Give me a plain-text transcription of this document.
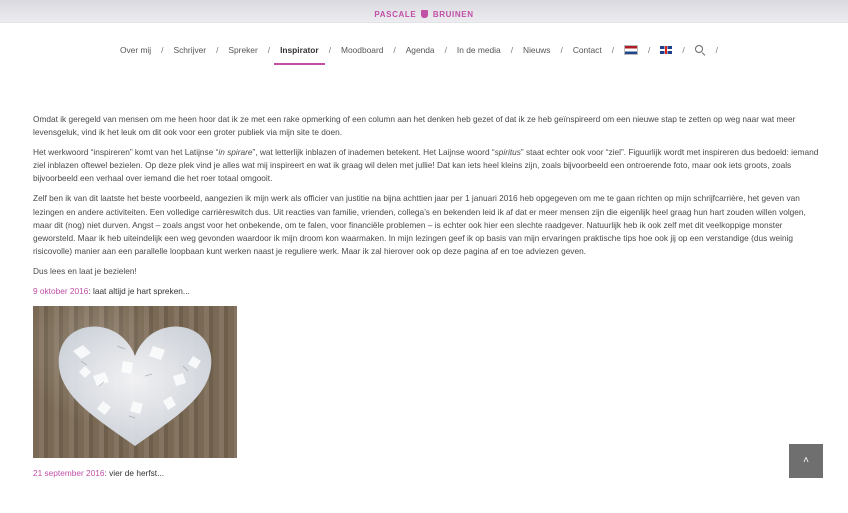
PASCALE BRUINEN
Over mij / Schrijver / Spreker / Inspirator / Moodboard / Agenda / In de media / Nieuws / Contact /	/	/	/

Omdat ik geregeld van mensen om me heen hoor dat ik ze met een rake opmerking of een column aan het denken heb gezet of dat ik ze heb geïnspireerd om een nieuwe stap te zetten op weg naar wat meer levensgeluk, vind ik het leuk om dit ook voor een groter publiek via mijn site te doen.

Het werkwoord “inspireren” komt van het Latijnse “in spirare”, wat letterlijk inblazen of inademen betekent. Het Laijnse woord “spiritus” staat echter ook voor “ziel”. Figuurlijk wordt met inspireren dus bedoeld: iemand ziel inblazen oftewel bezielen. Op deze plek vind je alles wat mij inspireert en wat ik graag wil delen met jullie! Dat kan iets heel kleins zijn, zoals bijvoorbeeld een ontroerende foto, maar ook iets groots, zoals bijvoorbeeld een verhaal over iemand die het roer totaal omgooit.

Zelf ben ik van dit laatste het beste voorbeeld, aangezien ik mijn werk als officier van justitie na bijna achttien jaar per 1 januari 2016 heb opgegeven om me te gaan richten op mijn schrijfcarrière, het geven van lezingen en andere activiteiten. Een volledige carrièreswitch dus. Uit reacties van familie, vrienden, collega’s en bekenden leid ik af dat er meer mensen zijn die eigenlijk heel graag hun hart zouden willen volgen, maar dit (nog) niet durven. Angst – zoals angst voor het onbekende, om te falen, voor financiële problemen – is echter ook hier een slechte raadgever. Natuurlijk heb ik ook zelf met dit veelkoppige monster geworsteld. Maar ik heb uiteindelijk een weg gevonden waardoor ik mijn droom kon waarmaken. In mijn lezingen geef ik op basis van mijn ervaringen praktische tips hoe ook jij op een verstandige (dus weinig risicovolle) manier aan een parallelle loopbaan kunt werken naast je reguliere werk. Maar ik zal hierover ook op deze pagina af en toe adviezen geven.

Dus lees en laat je bezielen!

9 oktober 2016: laat altijd je hart spreken...
21 september 2016: vier de herfst...
˄
